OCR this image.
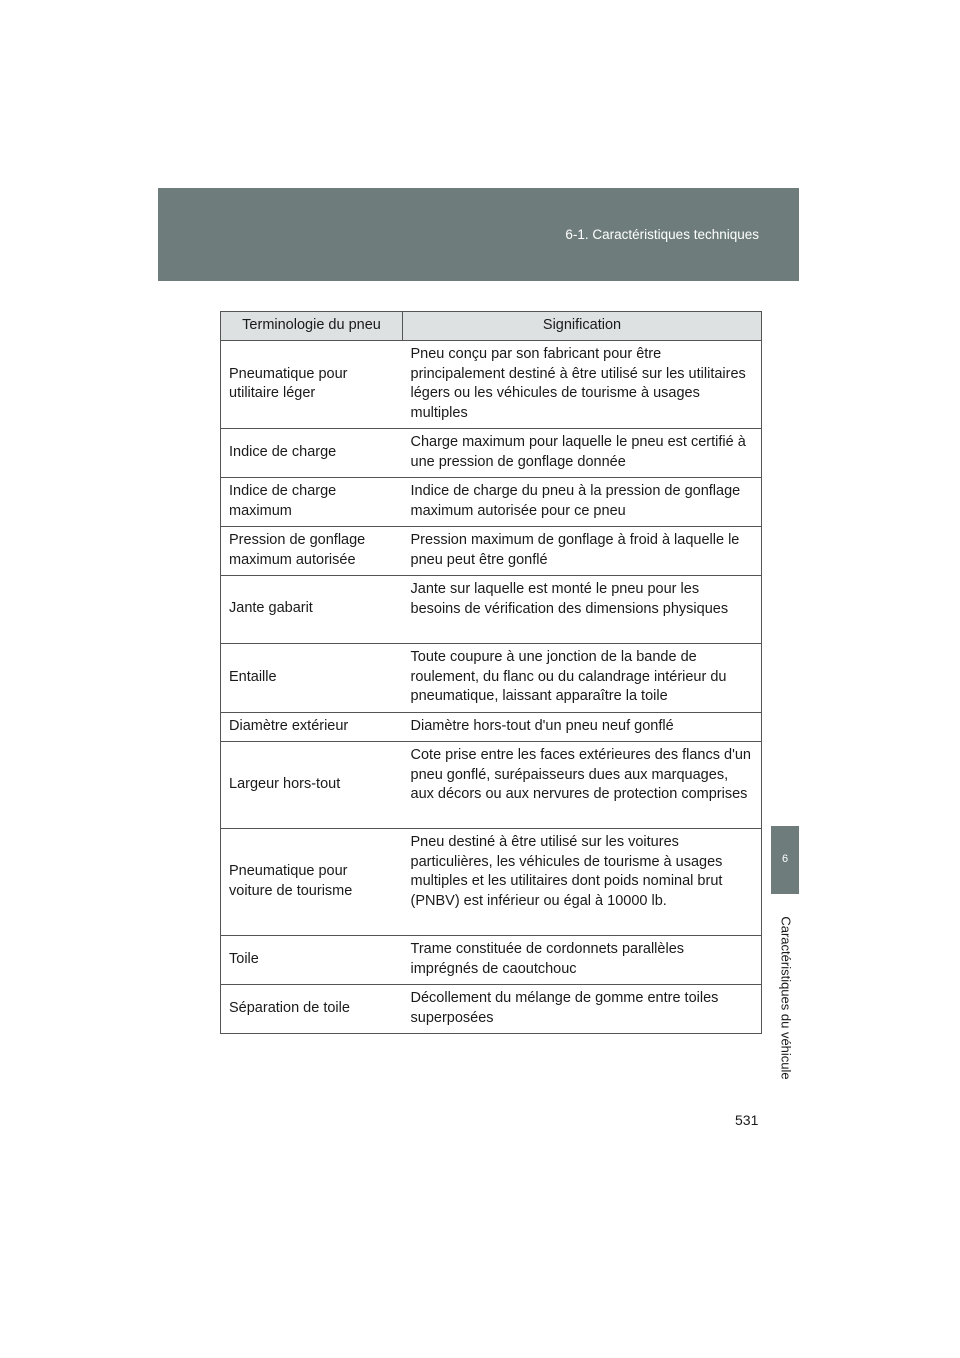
6-1. Caractéristiques techniques
6
Caractéristiques du véhicule
Terminologie du pneu	Signification
Pneumatique pour utilitaire léger	Pneu conçu par son fabricant pour être principalement destiné à être utilisé sur les utilitaires légers ou les véhicules de tourisme à usages multiples
Indice de charge	Charge maximum pour laquelle le pneu est certifié à une pression de gonflage donnée
Indice de charge maximum	Indice de charge du pneu à la pression de gonflage maximum autorisée pour ce pneu
Pression de gonflage maximum autorisée	Pression maximum de gonflage à froid à laquelle le pneu peut être gonflé
Jante gabarit	Jante sur laquelle est monté le pneu pour les besoins de vérification des dimensions physiques
Entaille	Toute coupure à une jonction de la bande de roulement, du flanc ou du calandrage intérieur du pneumatique, laissant apparaître la toile
Diamètre extérieur	Diamètre hors-tout d'un pneu neuf gonflé
Largeur hors-tout	Cote prise entre les faces extérieures des flancs d'un pneu gonflé, surépaisseurs dues aux marquages, aux décors ou aux nervures de protection comprises
Pneumatique pour voiture de tourisme	Pneu destiné à être utilisé sur les voitures particulières, les véhicules de tourisme à usages multiples et les utilitaires dont poids nominal brut (PNBV) est inférieur ou égal à 10000 lb.
Toile	Trame constituée de cordonnets parallèles imprégnés de caoutchouc
Séparation de toile	Décollement du mélange de gomme entre toiles superposées
531
